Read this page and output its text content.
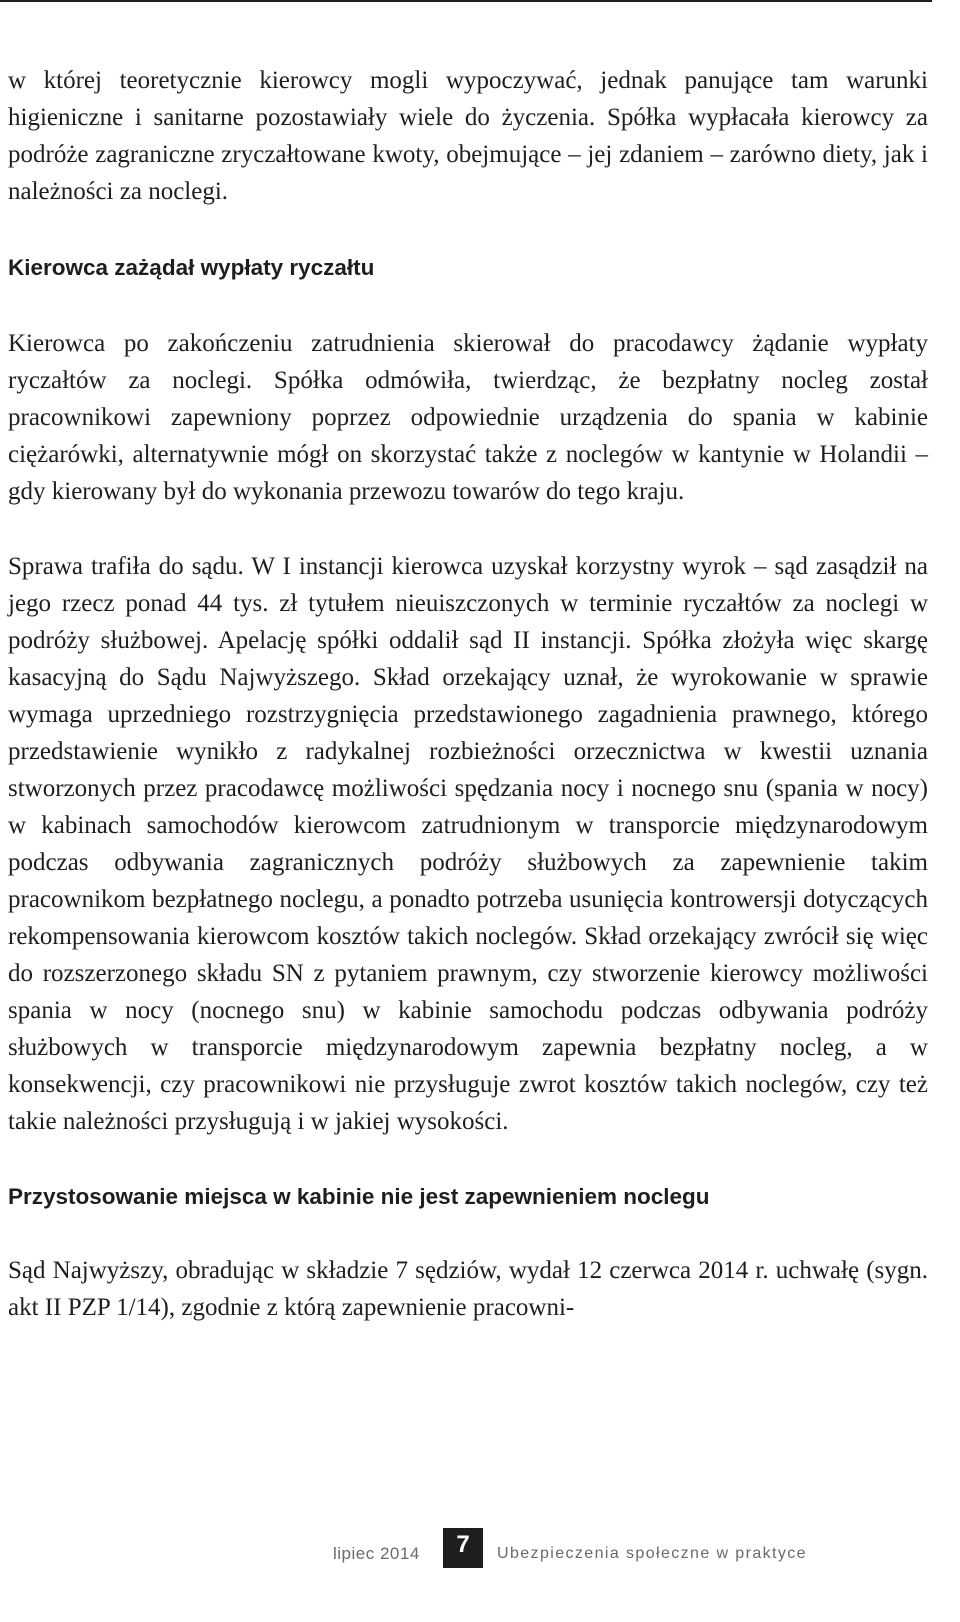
w której teoretycznie kierowcy mogli wypoczywać, jednak panujące tam warunki higieniczne i sanitarne pozostawiały wiele do życzenia. Spółka wypłacała kierowcy za podróże zagraniczne zryczałtowane kwoty, obejmujące – jej zdaniem – zarówno diety, jak i należności za noclegi.

Kierowca zażądał wypłaty ryczałtu

Kierowca po zakończeniu zatrudnienia skierował do pracodawcy żądanie wypłaty ryczałtów za noclegi. Spółka odmówiła, twierdząc, że bezpłatny nocleg został pracownikowi zapewniony poprzez odpowiednie urządzenia do spania w kabinie ciężarówki, alternatywnie mógł on skorzystać także z noclegów w kantynie w Holandii – gdy kierowany był do wykonania przewozu towarów do tego kraju.

Sprawa trafiła do sądu. W I instancji kierowca uzyskał korzystny wyrok – sąd zasądził na jego rzecz ponad 44 tys. zł tytułem nieuiszczonych w terminie ryczałtów za noclegi w podróży służbowej. Apelację spółki oddalił sąd II instancji. Spółka złożyła więc skargę kasacyjną do Sądu Najwyższego. Skład orzekający uznał, że wyrokowanie w sprawie wymaga uprzedniego rozstrzygnięcia przedstawionego zagadnienia prawnego, którego przedstawienie wynikło z radykalnej rozbieżności orzecznictwa w kwestii uznania stworzonych przez pracodawcę możliwości spędzania nocy i nocnego snu (spania w nocy) w kabinach samochodów kierowcom zatrudnionym w transporcie międzynarodowym podczas odbywania zagranicznych podróży służbowych za zapewnienie takim pracownikom bezpłatnego noclegu, a ponadto potrzeba usunięcia kontrowersji dotyczących rekompensowania kierowcom kosztów takich noclegów. Skład orzekający zwrócił się więc do rozszerzonego składu SN z pytaniem prawnym, czy stworzenie kierowcy możliwości spania w nocy (nocnego snu) w kabinie samochodu podczas odbywania podróży służbowych w transporcie międzynarodowym zapewnia bezpłatny nocleg, a w konsekwencji, czy pracownikowi nie przysługuje zwrot kosztów takich noclegów, czy też takie należności przysługują i w jakiej wysokości.

Przystosowanie miejsca w kabinie nie jest zapewnieniem noclegu

Sąd Najwyższy, obradując w składzie 7 sędziów, wydał 12 czerwca 2014 r. uchwałę (sygn. akt II PZP 1/14), zgodnie z którą zapewnienie pracowni-

lipiec 2014	7	Ubezpieczenia społeczne w praktyce
